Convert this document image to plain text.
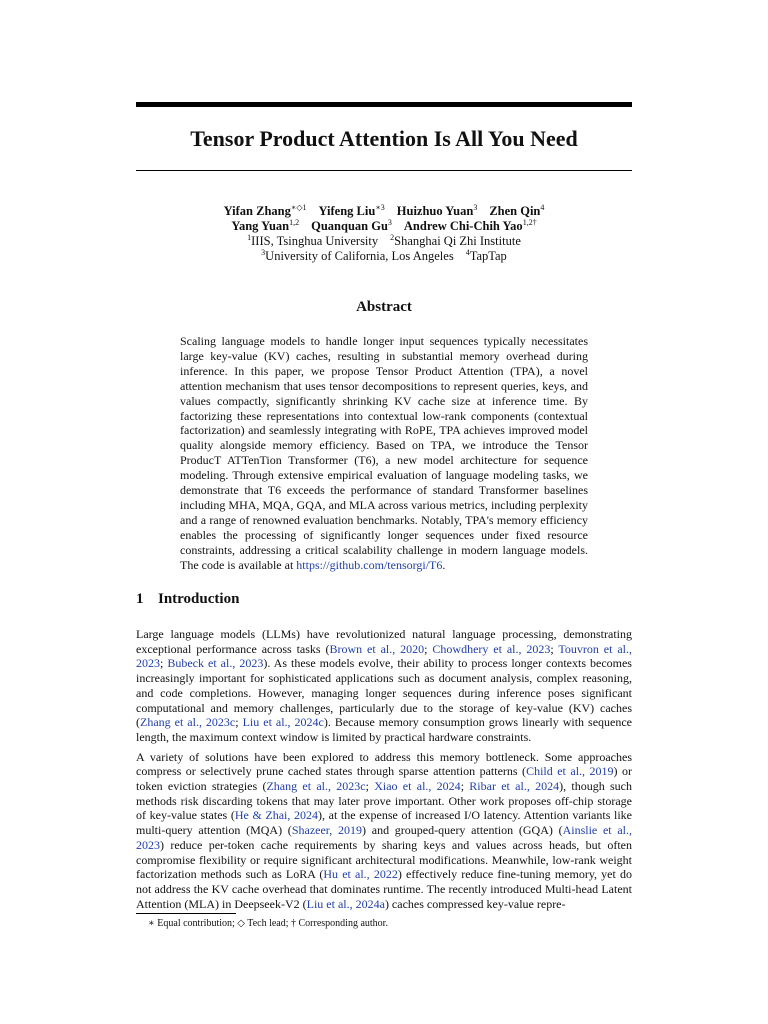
Tensor Product Attention Is All You Need
Yifan Zhang$^{∗◇1}$ Yifeng Liu$^{∗3}$ Huizhuo Yuan$^3$ Zhen Qin$^4$
Yang Yuan$^{1,2}$ Quanquan Gu$^3$ Andrew Chi-Chih Yao$^{1,2\dagger}$
$^1$IIIS, Tsinghua University $^2$Shanghai Qi Zhi Institute
$^3$University of California, Los Angeles $^4$TapTap
Abstract
Scaling language models to handle longer input sequences typically necessitates large key-value (KV) caches, resulting in substantial memory overhead during inference. In this paper, we propose Tensor Product Attention (TPA), a novel attention mechanism that uses tensor decompositions to represent queries, keys, and values compactly, significantly shrinking KV cache size at inference time. By factorizing these representations into contextual low-rank components (contextual factorization) and seamlessly integrating with RoPE, TPA achieves improved model quality alongside memory efficiency. Based on TPA, we introduce the Tensor ProducT ATTenTion Transformer (T6), a new model architecture for sequence modeling. Through extensive empirical evaluation of language modeling tasks, we demonstrate that T6 exceeds the performance of standard Transformer baselines including MHA, MQA, GQA, and MLA across various metrics, including perplexity and a range of renowned evaluation benchmarks. Notably, TPA's memory efficiency enables the processing of significantly longer sequences under fixed resource constraints, addressing a critical scalability challenge in modern language models. The code is available at https://github.com/tensorgi/T6.
1 Introduction

Large language models (LLMs) have revolutionized natural language processing, demonstrating exceptional performance across tasks (Brown et al., 2020; Chowdhery et al., 2023; Touvron et al., 2023; Bubeck et al., 2023). As these models evolve, their ability to process longer contexts becomes increasingly important for sophisticated applications such as document analysis, complex reasoning, and code completions. However, managing longer sequences during inference poses significant computational and memory challenges, particularly due to the storage of key-value (KV) caches (Zhang et al., 2023c; Liu et al., 2024c). Because memory consumption grows linearly with sequence length, the maximum context window is limited by practical hardware constraints.

A variety of solutions have been explored to address this memory bottleneck. Some approaches compress or selectively prune cached states through sparse attention patterns (Child et al., 2019) or token eviction strategies (Zhang et al., 2023c; Xiao et al., 2024; Ribar et al., 2024), though such methods risk discarding tokens that may later prove important. Other work proposes off-chip storage of key-value states (He & Zhai, 2024), at the expense of increased I/O latency. Attention variants like multi-query attention (MQA) (Shazeer, 2019) and grouped-query attention (GQA) (Ainslie et al., 2023) reduce per-token cache requirements by sharing keys and values across heads, but often compromise flexibility or require significant architectural modifications. Meanwhile, low-rank weight factorization methods such as LoRA (Hu et al., 2022) effectively reduce fine-tuning memory, yet do not address the KV cache overhead that dominates runtime. The recently introduced Multi-head Latent Attention (MLA) in Deepseek-V2 (Liu et al., 2024a) caches compressed key-value repre-

∗ Equal contribution; ◇ Tech lead; † Corresponding author.
